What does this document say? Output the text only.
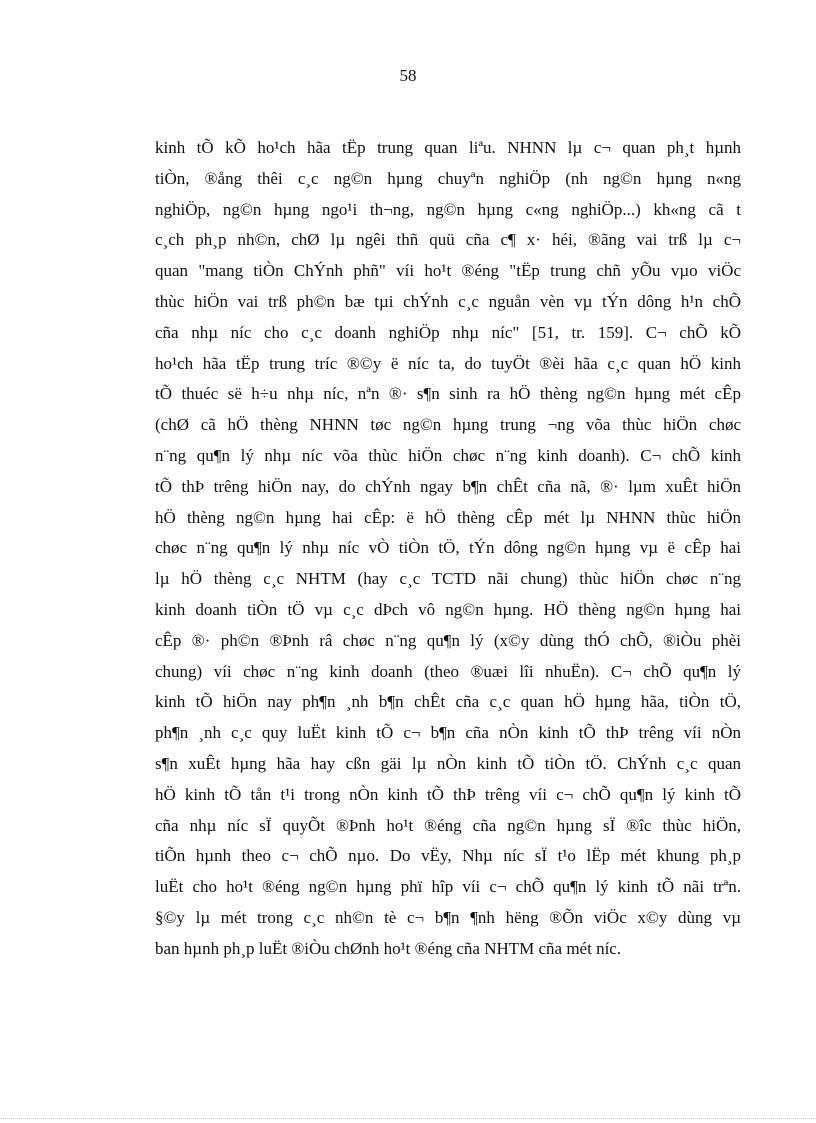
58
kinh tÕ kÕ ho¹ch hãa tËp trung quan liªu. NHNN lµ c¬ quan ph¸t hµnh
tiÒn, ®ång thêi c¸c ng©n hµng chuyªn nghiÖp (nh ng©n hµng n«ng
nghiÖp, ng©n hµng ngo¹i th¬ng, ng©n hµng c«ng nghiÖp...) kh«ng cã t
c¸ch ph¸p nh©n, chØ lµ ngêi thñ quü cña c¶ x· héi, ®ãng vai trß lµ c¬
quan "mang tiÒn ChÝnh phñ" víi ho¹t ®éng "tËp trung chñ yÕu vµo viÖc
thùc hiÖn vai trß ph©n bæ tµi chÝnh c¸c nguån vèn vµ tÝn dông h¹n chÕ
cña nhµ níc cho c¸c doanh nghiÖp nhµ níc" [51, tr. 159]. C¬ chÕ kÕ
ho¹ch hãa tËp trung tríc ®©y ë níc ta, do tuyÖt ®èi hãa c¸c quan hÖ kinh
tÕ thuéc së h÷u nhµ níc, nªn ®· s¶n sinh ra hÖ thèng ng©n hµng mét cÊp
(chØ cã hÖ thèng NHNN tøc ng©n hµng trung ¬ng võa thùc hiÖn chøc
n¨ng qu¶n lý nhµ níc võa thùc hiÖn chøc n¨ng kinh doanh). C¬ chÕ kinh
tÕ thÞ trêng hiÖn nay, do chÝnh ngay b¶n chÊt cña nã, ®· lµm xuÊt hiÖn
hÖ thèng ng©n hµng hai cÊp: ë hÖ thèng cÊp mét lµ NHNN thùc hiÖn
chøc n¨ng qu¶n lý nhµ níc vÒ tiÒn tÖ, tÝn dông ng©n hµng vµ ë cÊp hai
lµ hÖ thèng c¸c NHTM (hay c¸c TCTD nãi chung) thùc hiÖn chøc n¨ng
kinh doanh tiÒn tÖ vµ c¸c dÞch vô ng©n hµng. HÖ thèng ng©n hµng hai
cÊp ®· ph©n ®Þnh râ chøc n¨ng qu¶n lý (x©y dùng thÓ chÕ, ®iÒu phèi
chung) víi chøc n¨ng kinh doanh (theo ®uæi lîi nhuËn). C¬ chÕ qu¶n lý
kinh tÕ hiÖn nay ph¶n ¸nh b¶n chÊt cña c¸c quan hÖ hµng hãa, tiÒn tÖ,
ph¶n ¸nh c¸c quy luËt kinh tÕ c¬ b¶n cña nÒn kinh tÕ thÞ trêng víi nÒn
s¶n xuÊt hµng hãa hay cßn gäi lµ nÒn kinh tÕ tiÒn tÖ. ChÝnh c¸c quan
hÖ kinh tÕ tån t¹i trong nÒn kinh tÕ thÞ trêng víi c¬ chÕ qu¶n lý kinh tÕ
cña nhµ níc sÏ quyÕt ®Þnh ho¹t ®éng cña ng©n hµng sÏ ®îc thùc hiÖn,
tiÕn hµnh theo c¬ chÕ nµo. Do vËy, Nhµ níc sÏ t¹o lËp mét khung ph¸p
luËt cho ho¹t ®éng ng©n hµng phï hîp víi c¬ chÕ qu¶n lý kinh tÕ nãi trªn.
§©y lµ mét trong c¸c nh©n tè c¬ b¶n ¶nh hëng ®Õn viÖc x©y dùng vµ
ban hµnh ph¸p luËt ®iÒu chØnh ho¹t ®éng cña NHTM cña mét níc.
